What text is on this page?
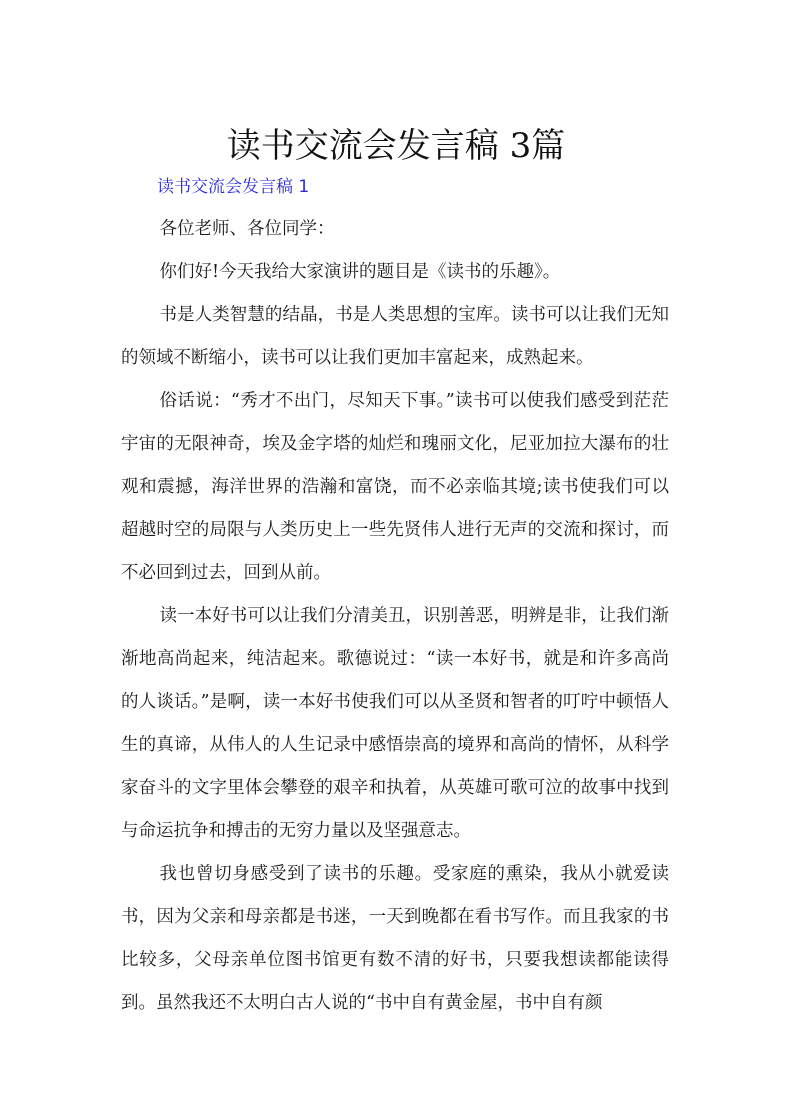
读书交流会发言稿 3篇
读书交流会发言稿 1

各位老师、各位同学：

你们好!今天我给大家演讲的题目是《读书的乐趣》。

书是人类智慧的结晶，书是人类思想的宝库。读书可以让我们无知的领域不断缩小，读书可以让我们更加丰富起来，成熟起来。

俗话说：“秀才不出门，尽知天下事。”读书可以使我们感受到茫茫宇宙的无限神奇，埃及金字塔的灿烂和瑰丽文化，尼亚加拉大瀑布的壮观和震撼，海洋世界的浩瀚和富饶，而不必亲临其境;读书使我们可以超越时空的局限与人类历史上一些先贤伟人进行无声的交流和探讨，而不必回到过去，回到从前。

读一本好书可以让我们分清美丑，识别善恶，明辨是非，让我们渐渐地高尚起来，纯洁起来。歌德说过：“读一本好书，就是和许多高尚的人谈话。”是啊，读一本好书使我们可以从圣贤和智者的叮咛中顿悟人生的真谛，从伟人的人生记录中感悟崇高的境界和高尚的情怀，从科学家奋斗的文字里体会攀登的艰辛和执着，从英雄可歌可泣的故事中找到与命运抗争和搏击的无穷力量以及坚强意志。

我也曾切身感受到了读书的乐趣。受家庭的熏染，我从小就爱读书，因为父亲和母亲都是书迷，一天到晚都在看书写作。而且我家的书比较多，父母亲单位图书馆更有数不清的好书，只要我想读都能读得到。虽然我还不太明白古人说的“书中自有黄金屋，书中自有颜
